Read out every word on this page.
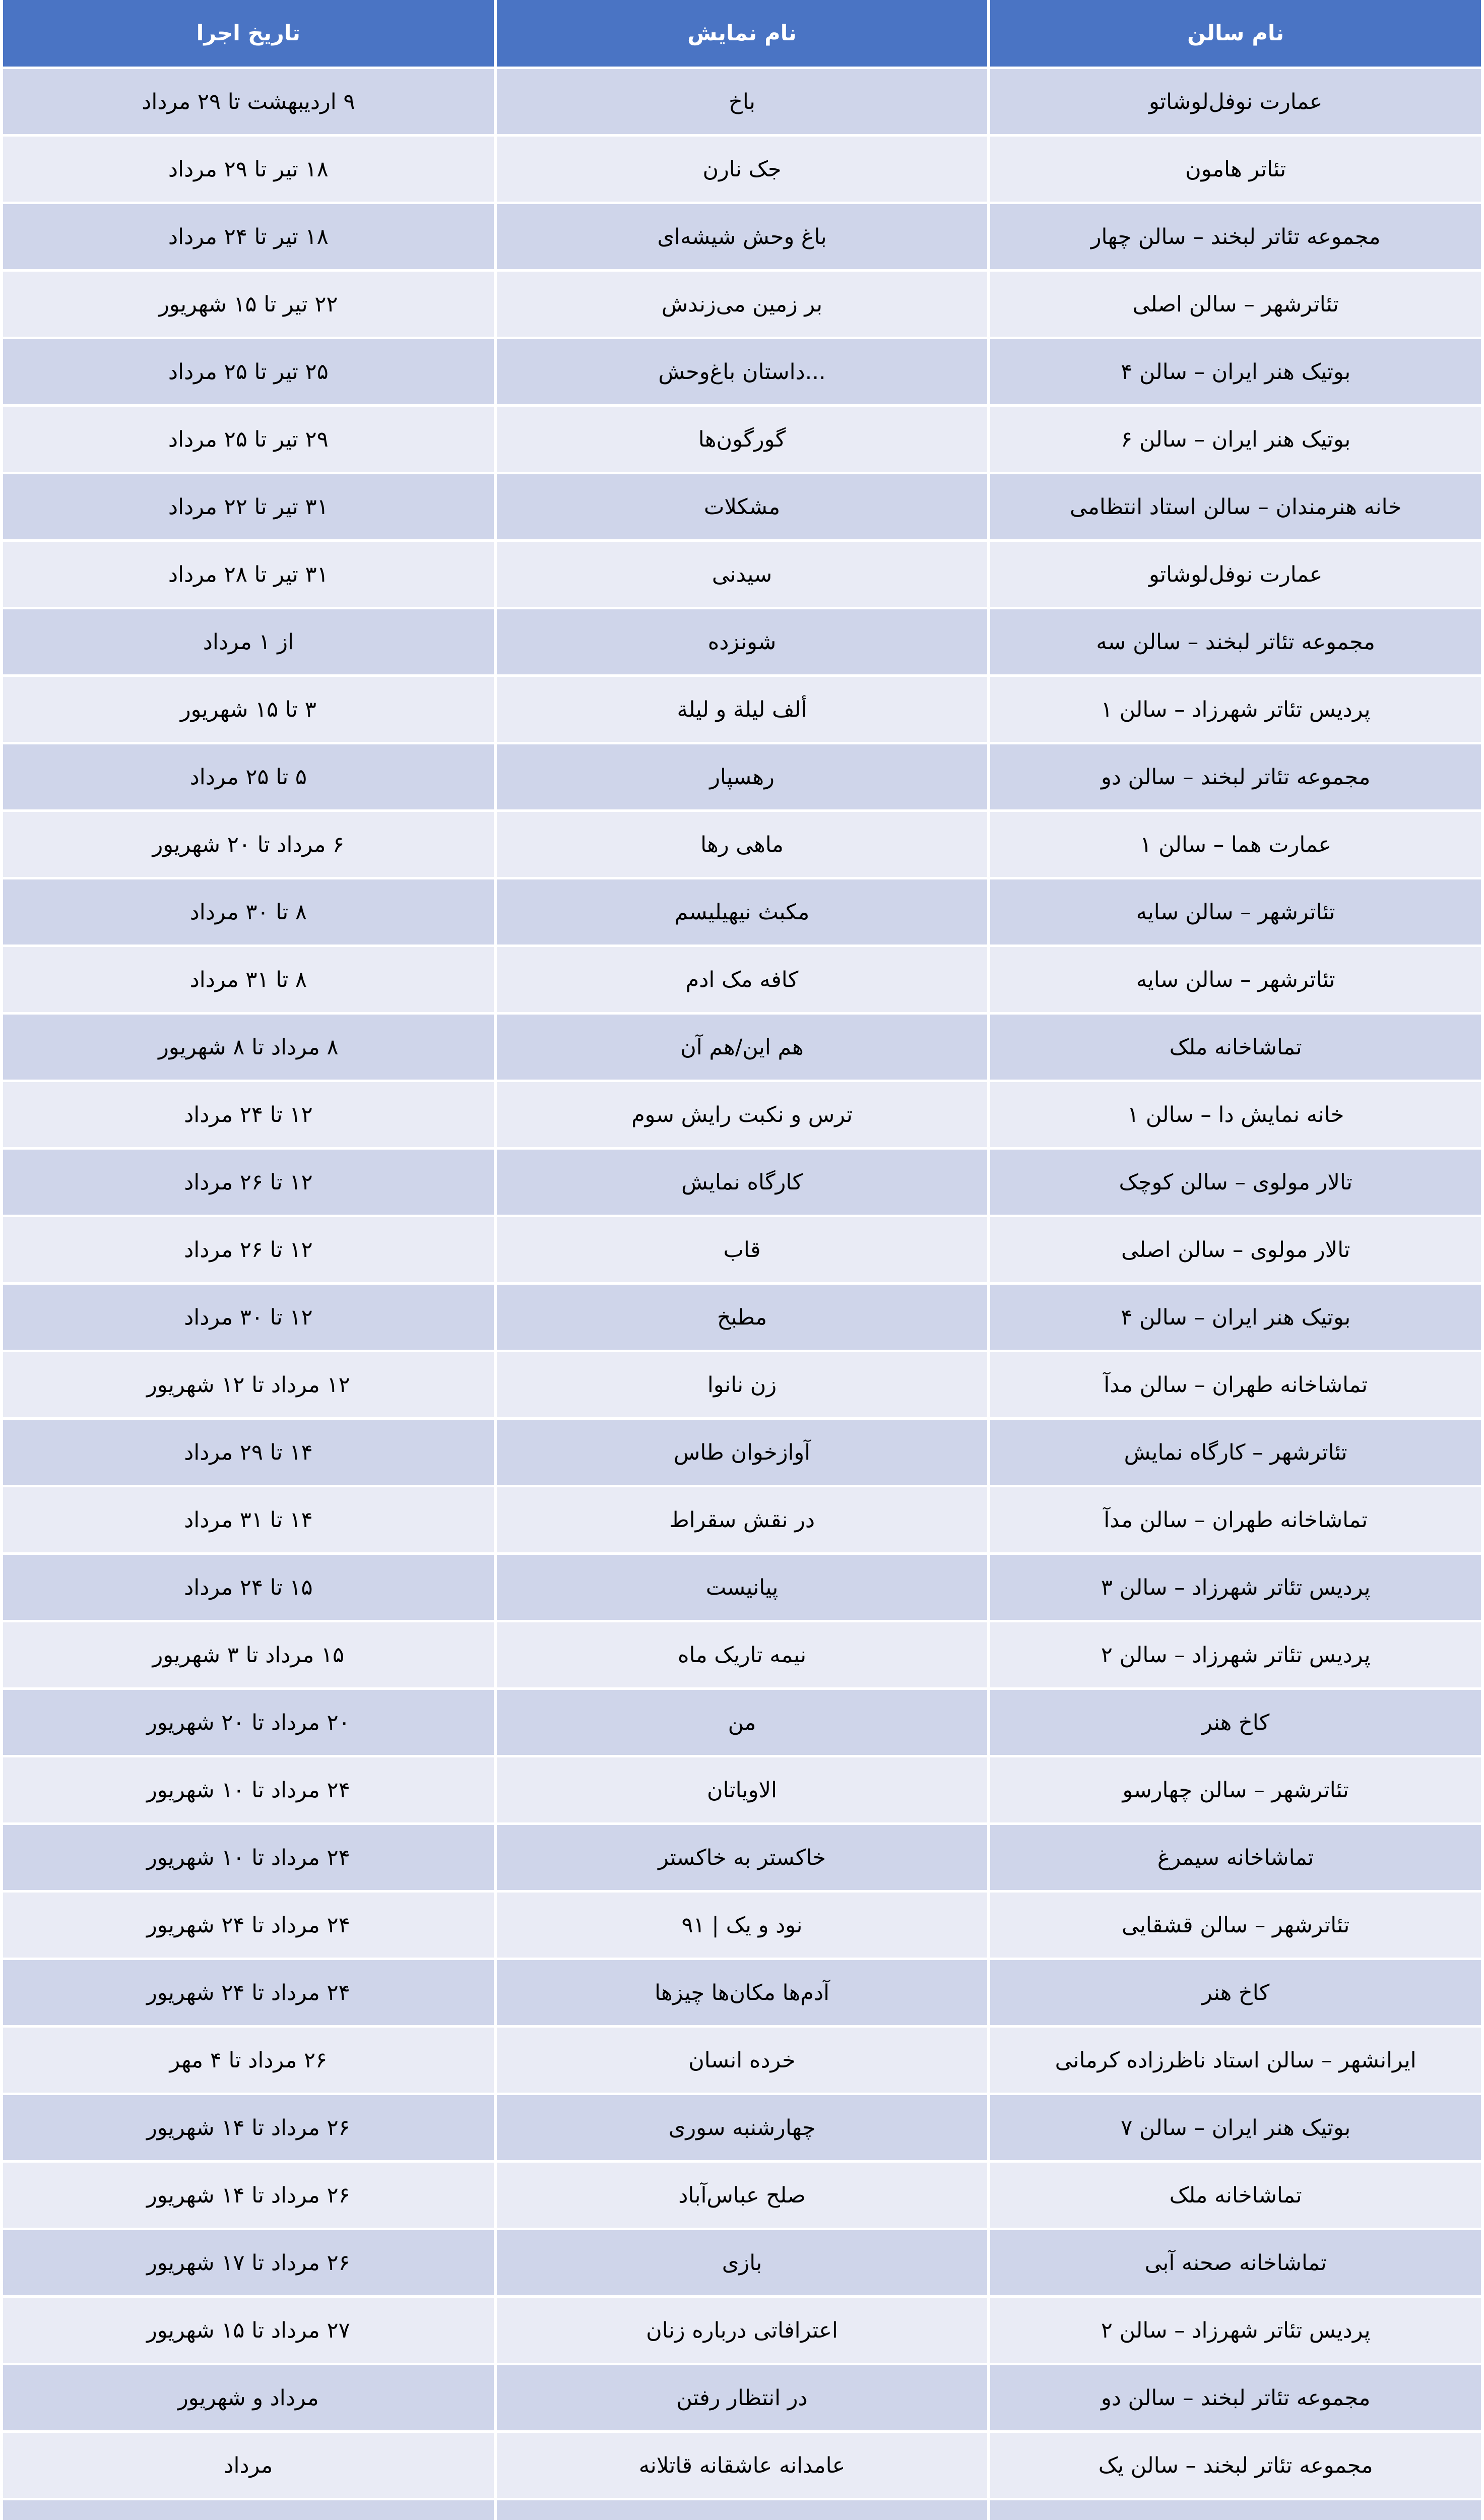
نام سالن	نام نمایش	تاریخ اجرا
عمارت نوفل‌لوشاتو	باخ	۹ اردیبهشت تا ۲۹ مرداد
تئاتر هامون	جک نارن	۱۸ تیر تا ۲۹ مرداد
مجموعه تئاتر لبخند – سالن چهار	باغ وحش شیشه‌ای	۱۸ تیر تا ۲۴ مرداد
تئاترشهر – سالن اصلی	بر زمین می‌زندش	۲۲ تیر تا ۱۵ شهریور
بوتیک هنر ایران – سالن ۴	...داستان باغ‌وحش	۲۵ تیر تا ۲۵ مرداد
بوتیک هنر ایران – سالن ۶	گورگون‌ها	۲۹ تیر تا ۲۵ مرداد
خانه هنرمندان – سالن استاد انتظامی	مشکلات	۳۱ تیر تا ۲۲ مرداد
عمارت نوفل‌لوشاتو	سیدنی	۳۱ تیر تا ۲۸ مرداد
مجموعه تئاتر لبخند – سالن سه	شونزده	از ۱ مرداد
پردیس تئاتر شهرزاد – سالن ۱	ألف لیلة و لیلة	۳ تا ۱۵ شهریور
مجموعه تئاتر لبخند – سالن دو	رهسپار	۵ تا ۲۵ مرداد
عمارت هما – سالن ۱	ماهی رها	۶ مرداد تا ۲۰ شهریور
تئاترشهر – سالن سایه	مکبث نیهیلیسم	۸ تا ۳۰ مرداد
تئاترشهر – سالن سایه	کافه مک ادم	۸ تا ۳۱ مرداد
تماشاخانه ملک	هم این/هم آن	۸ مرداد تا ۸ شهریور
خانه نمایش دا – سالن ۱	ترس و نکبت رایش سوم	۱۲ تا ۲۴ مرداد
تالار مولوی – سالن کوچک	کارگاه نمایش	۱۲ تا ۲۶ مرداد
تالار مولوی – سالن اصلی	قاب	۱۲ تا ۲۶ مرداد
بوتیک هنر ایران – سالن ۴	مطبخ	۱۲ تا ۳۰ مرداد
تماشاخانه طهران – سالن مدآ	زن نانوا	۱۲ مرداد تا ۱۲ شهریور
تئاترشهر – کارگاه نمایش	آوازخوان طاس	۱۴ تا ۲۹ مرداد
تماشاخانه طهران – سالن مدآ	در نقش سقراط	۱۴ تا ۳۱ مرداد
پردیس تئاتر شهرزاد – سالن ۳	پیانیست	۱۵ تا ۲۴ مرداد
پردیس تئاتر شهرزاد – سالن ۲	نیمه تاریک ماه	۱۵ مرداد تا ۳ شهریور
کاخ هنر	من	۲۰ مرداد تا ۲۰ شهریور
تئاترشهر – سالن چهارسو	الاویاتان	۲۴ مرداد تا ۱۰ شهریور
تماشاخانه سیمرغ	خاکستر به خاکستر	۲۴ مرداد تا ۱۰ شهریور
تئاترشهر – سالن قشقایی	نود و یک | ۹۱	۲۴ مرداد تا ۲۴ شهریور
کاخ هنر	آدم‌ها مکان‌ها چیزها	۲۴ مرداد تا ۲۴ شهریور
ایرانشهر – سالن استاد ناظرزاده کرمانی	خرده انسان	۲۶ مرداد تا ۴ مهر
بوتیک هنر ایران – سالن ۷	چهارشنبه سوری	۲۶ مرداد تا ۱۴ شهریور
تماشاخانه ملک	صلح عباس‌آباد	۲۶ مرداد تا ۱۴ شهریور
تماشاخانه صحنه آبی	بازی	۲۶ مرداد تا ۱۷ شهریور
پردیس تئاتر شهرزاد – سالن ۲	اعترافاتی درباره زنان	۲۷ مرداد تا ۱۵ شهریور
مجموعه تئاتر لبخند – سالن دو	در انتظار رفتن	مرداد و شهریور
مجموعه تئاتر لبخند – سالن یک	عامدانه عاشقانه قاتلانه	مرداد
